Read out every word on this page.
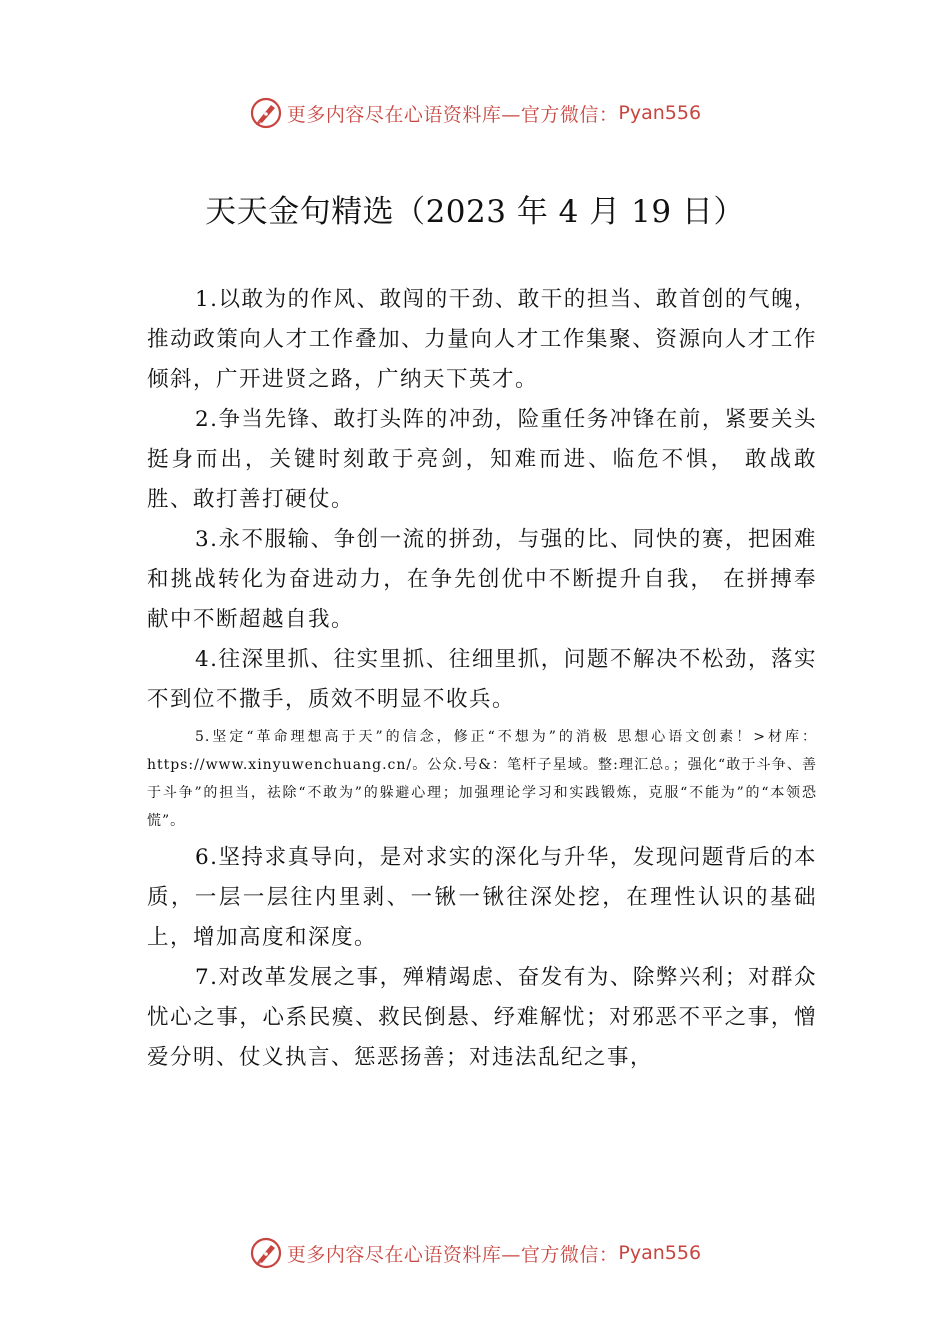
更多内容尽在心语资料库—官方微信： Pyan556
天天金句精选（2023 年 4 月 19 日）

1.以敢为的作风、敢闯的干劲、敢干的担当、敢首创的气魄，推动政策向人才工作叠加、力量向人才工作集聚、资源向人才工作倾斜，广开进贤之路，广纳天下英才。

2.争当先锋、敢打头阵的冲劲，险重任务冲锋在前，紧要关头挺身而出，关键时刻敢于亮剑，知难而进、临危不惧， 敢战敢胜、敢打善打硬仗。

3.永不服输、争创一流的拼劲，与强的比、同快的赛，把困难和挑战转化为奋进动力，在争先创优中不断提升自我， 在拼搏奉献中不断超越自我。

4.往深里抓、往实里抓、往细里抓，问题不解决不松劲，落实不到位不撒手，质效不明显不收兵。

5.坚定“革命理想高于天”的信念，修正“不想为”的消极 思想心语文创素！>材库：https://www.xinyuwenchuang.cn/。公众.号&：笔杆子星域。整:理汇总。；强化“敢于斗争、善于斗争”的担当，祛除“不敢为”的躲避心理；加强理论学习和实践锻炼，克服“不能为”的“本领恐慌”。

6.坚持求真导向，是对求实的深化与升华，发现问题背后的本质，一层一层往内里剥、一锹一锹往深处挖，在理性认识的基础上，增加高度和深度。

7.对改革发展之事，殚精竭虑、奋发有为、除弊兴利；对群众忧心之事，心系民瘼、救民倒悬、纾难解忧；对邪恶不平之事，憎爱分明、仗义执言、惩恶扬善；对违法乱纪之事，

更多内容尽在心语资料库—官方微信： Pyan556
